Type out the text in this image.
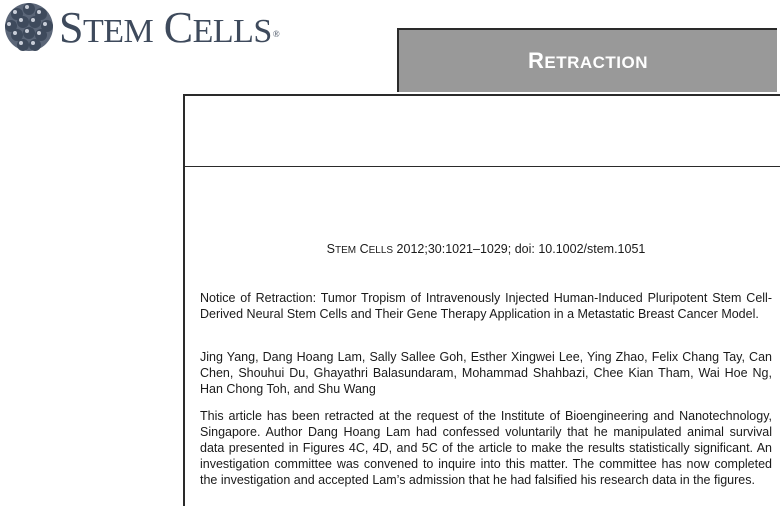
STEM CELLS®
RETRACTION
STEM CELLS 2012;30:1021–1029; doi: 10.1002/stem.1051

Notice of Retraction: Tumor Tropism of Intravenously Injected Human-Induced Pluripotent Stem Cell-Derived Neural Stem Cells and Their Gene Therapy Application in a Metastatic Breast Cancer Model.

Jing Yang, Dang Hoang Lam, Sally Sallee Goh, Esther Xingwei Lee, Ying Zhao, Felix Chang Tay, Can Chen, Shouhui Du, Ghayathri Balasundaram, Mohammad Shahbazi, Chee Kian Tham, Wai Hoe Ng, Han Chong Toh, and Shu Wang

This article has been retracted at the request of the Institute of Bioengineering and Nanotechnology, Singapore. Author Dang Hoang Lam had confessed voluntarily that he manipulated animal survival data presented in Figures 4C, 4D, and 5C of the article to make the results statistically significant. An investigation committee was convened to inquire into this matter. The committee has now completed the investigation and accepted Lam’s admission that he had falsified his research data in the figures.
